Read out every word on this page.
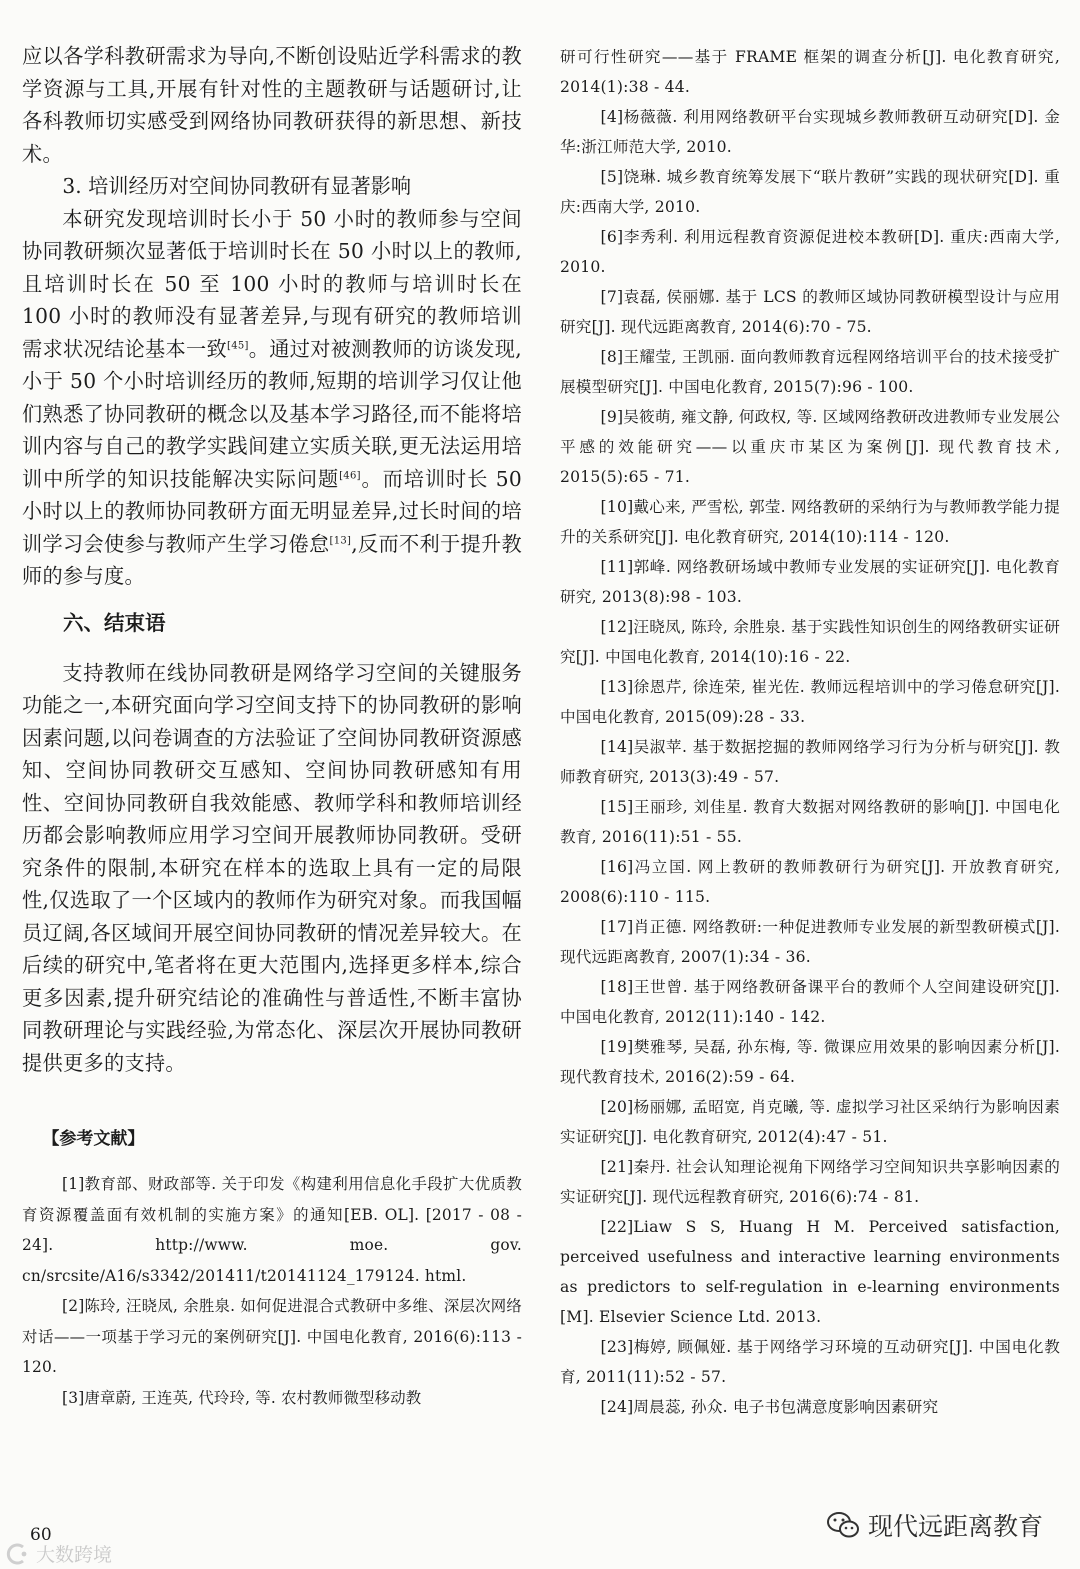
应以各学科教研需求为导向,不断创设贴近学科需求的教学资源与工具,开展有针对性的主题教研与话题研讨,让各科教师切实感受到网络协同教研获得的新思想、新技术。

3. 培训经历对空间协同教研有显著影响

本研究发现培训时长小于 50 小时的教师参与空间协同教研频次显著低于培训时长在 50 小时以上的教师,且培训时长在 50 至 100 小时的教师与培训时长在 100 小时的教师没有显著差异,与现有研究的教师培训需求状况结论基本一致[45]。通过对被测教师的访谈发现,小于 50 个小时培训经历的教师,短期的培训学习仅让他们熟悉了协同教研的概念以及基本学习路径,而不能将培训内容与自己的教学实践间建立实质关联,更无法运用培训中所学的知识技能解决实际问题[46]。而培训时长 50 小时以上的教师协同教研方面无明显差异,过长时间的培训学习会使参与教师产生学习倦怠[13],反而不利于提升教师的参与度。

六、结束语

支持教师在线协同教研是网络学习空间的关键服务功能之一,本研究面向学习空间支持下的协同教研的影响因素问题,以问卷调查的方法验证了空间协同教研资源感知、空间协同教研交互感知、空间协同教研感知有用性、空间协同教研自我效能感、教师学科和教师培训经历都会影响教师应用学习空间开展教师协同教研。受研究条件的限制,本研究在样本的选取上具有一定的局限性,仅选取了一个区域内的教师作为研究对象。而我国幅员辽阔,各区域间开展空间协同教研的情况差异较大。在后续的研究中,笔者将在更大范围内,选择更多样本,综合更多因素,提升研究结论的准确性与普适性,不断丰富协同教研理论与实践经验,为常态化、深层次开展协同教研提供更多的支持。

【参考文献】

[1]教育部、财政部等. 关于印发《构建利用信息化手段扩大优质教育资源覆盖面有效机制的实施方案》的通知[EB. OL]. [2017 - 08 - 24]. http://www. moe. gov. cn/srcsite/A16/s3342/201411/t20141124_179124. html.

[2]陈玲, 汪晓凤, 余胜泉. 如何促进混合式教研中多维、深层次网络对话——一项基于学习元的案例研究[J]. 中国电化教育, 2016(6):113 - 120.

[3]唐章蔚, 王连英, 代玲玲, 等. 农村教师微型移动教

研可行性研究——基于 FRAME 框架的调查分析[J]. 电化教育研究, 2014(1):38 - 44.

[4]杨薇薇. 利用网络教研平台实现城乡教师教研互动研究[D]. 金华:浙江师范大学, 2010.

[5]饶琳. 城乡教育统筹发展下“联片教研”实践的现状研究[D]. 重庆:西南大学, 2010.

[6]李秀利. 利用远程教育资源促进校本教研[D]. 重庆:西南大学, 2010.

[7]袁磊, 侯丽娜. 基于 LCS 的教师区域协同教研模型设计与应用研究[J]. 现代远距离教育, 2014(6):70 - 75.

[8]王耀莹, 王凯丽. 面向教师教育远程网络培训平台的技术接受扩展模型研究[J]. 中国电化教育, 2015(7):96 - 100.

[9]吴筱萌, 雍文静, 何政权, 等. 区域网络教研改进教师专业发展公平感的效能研究——以重庆市某区为案例[J]. 现代教育技术, 2015(5):65 - 71.

[10]戴心来, 严雪松, 郭莹. 网络教研的采纳行为与教师教学能力提升的关系研究[J]. 电化教育研究, 2014(10):114 - 120.

[11]郭峰. 网络教研场域中教师专业发展的实证研究[J]. 电化教育研究, 2013(8):98 - 103.

[12]汪晓凤, 陈玲, 余胜泉. 基于实践性知识创生的网络教研实证研究[J]. 中国电化教育, 2014(10):16 - 22.

[13]徐恩芹, 徐连荣, 崔光佐. 教师远程培训中的学习倦怠研究[J]. 中国电化教育, 2015(09):28 - 33.

[14]吴淑苹. 基于数据挖掘的教师网络学习行为分析与研究[J]. 教师教育研究, 2013(3):49 - 57.

[15]王丽珍, 刘佳星. 教育大数据对网络教研的影响[J]. 中国电化教育, 2016(11):51 - 55.

[16]冯立国. 网上教研的教师教研行为研究[J]. 开放教育研究, 2008(6):110 - 115.

[17]肖正德. 网络教研:一种促进教师专业发展的新型教研模式[J]. 现代远距离教育, 2007(1):34 - 36.

[18]王世曾. 基于网络教研备课平台的教师个人空间建设研究[J]. 中国电化教育, 2012(11):140 - 142.

[19]樊雅琴, 吴磊, 孙东梅, 等. 微课应用效果的影响因素分析[J]. 现代教育技术, 2016(2):59 - 64.

[20]杨丽娜, 孟昭宽, 肖克曦, 等. 虚拟学习社区采纳行为影响因素实证研究[J]. 电化教育研究, 2012(4):47 - 51.

[21]秦丹. 社会认知理论视角下网络学习空间知识共享影响因素的实证研究[J]. 现代远程教育研究, 2016(6):74 - 81.

[22]Liaw S S, Huang H M. Perceived satisfaction, perceived usefulness and interactive learning environments as predictors to self-regulation in e-learning environments [M]. Elsevier Science Ltd. 2013.

[23]梅婷, 顾佩娅. 基于网络学习环境的互动研究[J]. 中国电化教育, 2011(11):52 - 57.

[24]周晨蕊, 孙众. 电子书包满意度影响因素研究

60
大数跨境
现代远距离教育
